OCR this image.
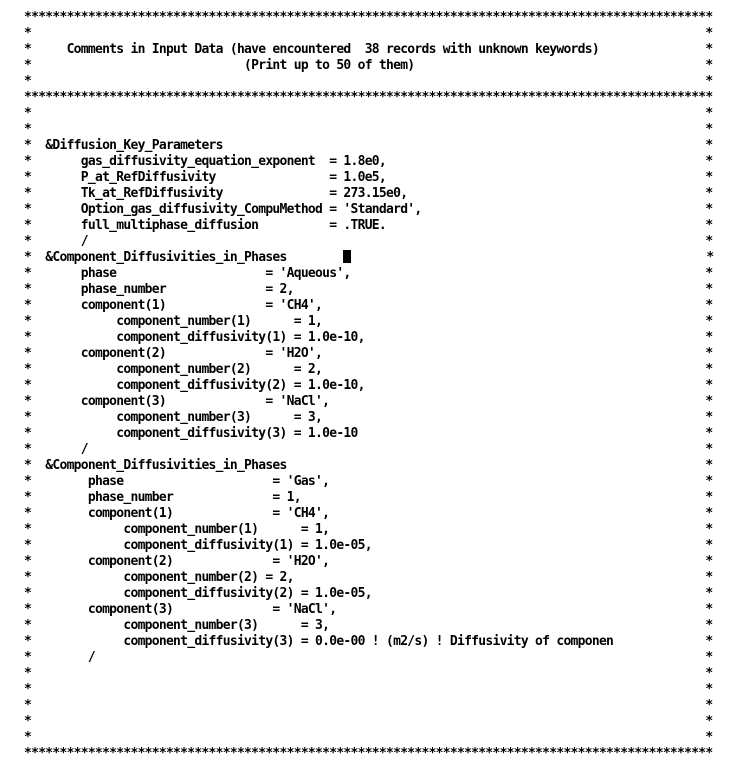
*************************************************************************************************
*                                                                                               *
*     Comments in Input Data (have encountered  38 records with unknown keywords)               *
*                              (Print up to 50 of them)                                         *
*                                                                                               *
*************************************************************************************************
*                                                                                               *
*                                                                                               *
*  &Diffusion_Key_Parameters                                                                    *
*       gas_diffusivity_equation_exponent  = 1.8e0,                                             *
*       P_at_RefDiffusivity                = 1.0e5,                                             *
*       Tk_at_RefDiffusivity               = 273.15e0,                                          *
*       Option_gas_diffusivity_CompuMethod = 'Standard',                                        *
*       full_multiphase_diffusion          = .TRUE.                                             *
*       /                                                                                       *
*  &Component_Diffusivities_in_Phases                                                          *
*       phase                     = 'Aqueous',                                                  *
*       phase_number              = 2,                                                          *
*       component(1)              = 'CH4',                                                      *
*            component_number(1)      = 1,                                                      *
*            component_diffusivity(1) = 1.0e-10,                                                *
*       component(2)              = 'H2O',                                                      *
*            component_number(2)      = 2,                                                      *
*            component_diffusivity(2) = 1.0e-10,                                                *
*       component(3)              = 'NaCl',                                                     *
*            component_number(3)      = 3,                                                      *
*            component_diffusivity(3) = 1.0e-10                                                 *
*       /                                                                                       *
*  &Component_Diffusivities_in_Phases                                                           *
*        phase                     = 'Gas',                                                     *
*        phase_number              = 1,                                                         *
*        component(1)              = 'CH4',                                                     *
*             component_number(1)      = 1,                                                     *
*             component_diffusivity(1) = 1.0e-05,                                               *
*        component(2)              = 'H2O',                                                     *
*             component_number(2) = 2,                                                          *
*             component_diffusivity(2) = 1.0e-05,                                               *
*        component(3)              = 'NaCl',                                                    *
*             component_number(3)      = 3,                                                     *
*             component_diffusivity(3) = 0.0e-00 ! (m2/s) ! Diffusivity of componen             *
*        /                                                                                      *
*                                                                                               *
*                                                                                               *
*                                                                                               *
*                                                                                               *
*                                                                                               *
*************************************************************************************************
